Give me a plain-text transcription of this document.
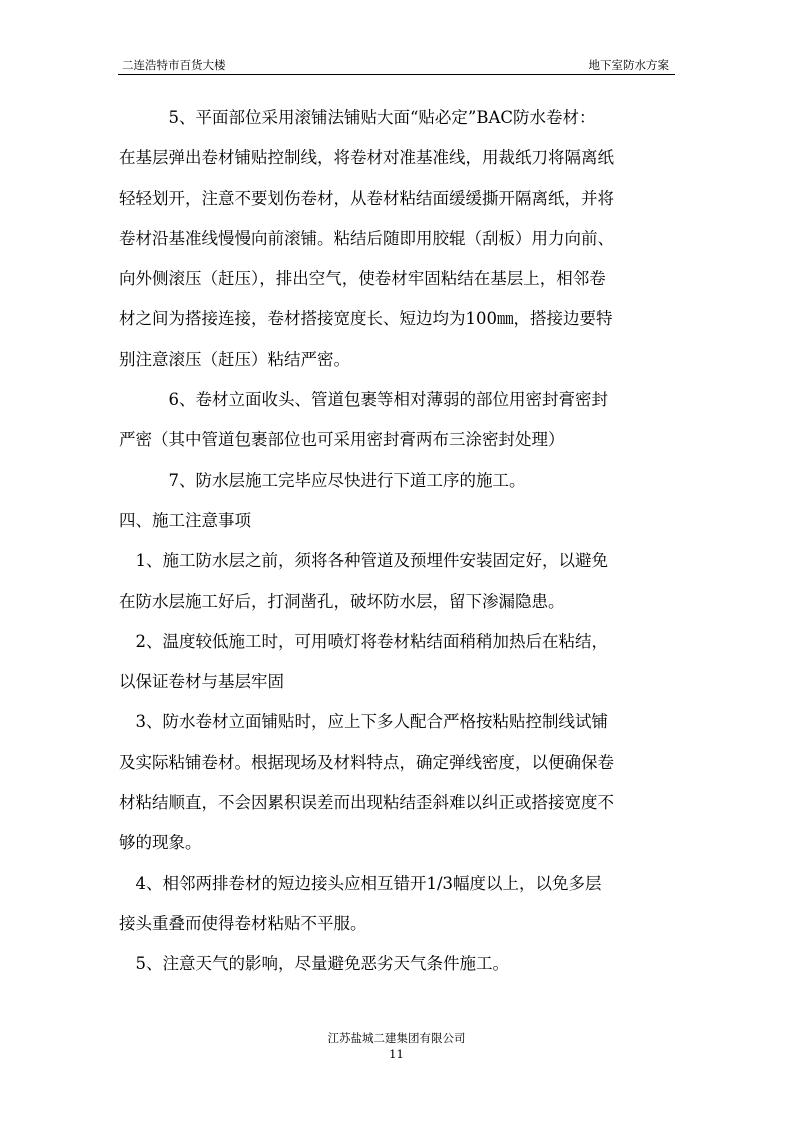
二连浩特市百货大楼	地下室防水方案
　　　5、平面部位采用滚铺法铺贴大面“贴必定”BAC防水卷材：
在基层弹出卷材铺贴控制线，将卷材对准基准线，用裁纸刀将隔离纸
轻轻划开，注意不要划伤卷材，从卷材粘结面缓缓撕开隔离纸，并将
卷材沿基准线慢慢向前滚铺。粘结后随即用胶辊（刮板）用力向前、
向外侧滚压（赶压），排出空气，使卷材牢固粘结在基层上，相邻卷
材之间为搭接连接，卷材搭接宽度长、短边均为100㎜，搭接边要特
别注意滚压（赶压）粘结严密。
　　　6、卷材立面收头、管道包裹等相对薄弱的部位用密封膏密封
严密（其中管道包裹部位也可采用密封膏两布三涂密封处理）
　　　7、防水层施工完毕应尽快进行下道工序的施工。
四、施工注意事项
　1、施工防水层之前，须将各种管道及预埋件安装固定好，以避免
在防水层施工好后，打洞凿孔，破坏防水层，留下渗漏隐患。
　2、温度较低施工时，可用喷灯将卷材粘结面稍稍加热后在粘结，
以保证卷材与基层牢固
　3、防水卷材立面铺贴时，应上下多人配合严格按粘贴控制线试铺
及实际粘铺卷材。根据现场及材料特点，确定弹线密度，以便确保卷
材粘结顺直，不会因累积误差而出现粘结歪斜难以纠正或搭接宽度不
够的现象。
　4、相邻两排卷材的短边接头应相互错开1/3幅度以上，以免多层
接头重叠而使得卷材粘贴不平服。
　5、注意天气的影响，尽量避免恶劣天气条件施工。
江苏盐城二建集团有限公司
11
